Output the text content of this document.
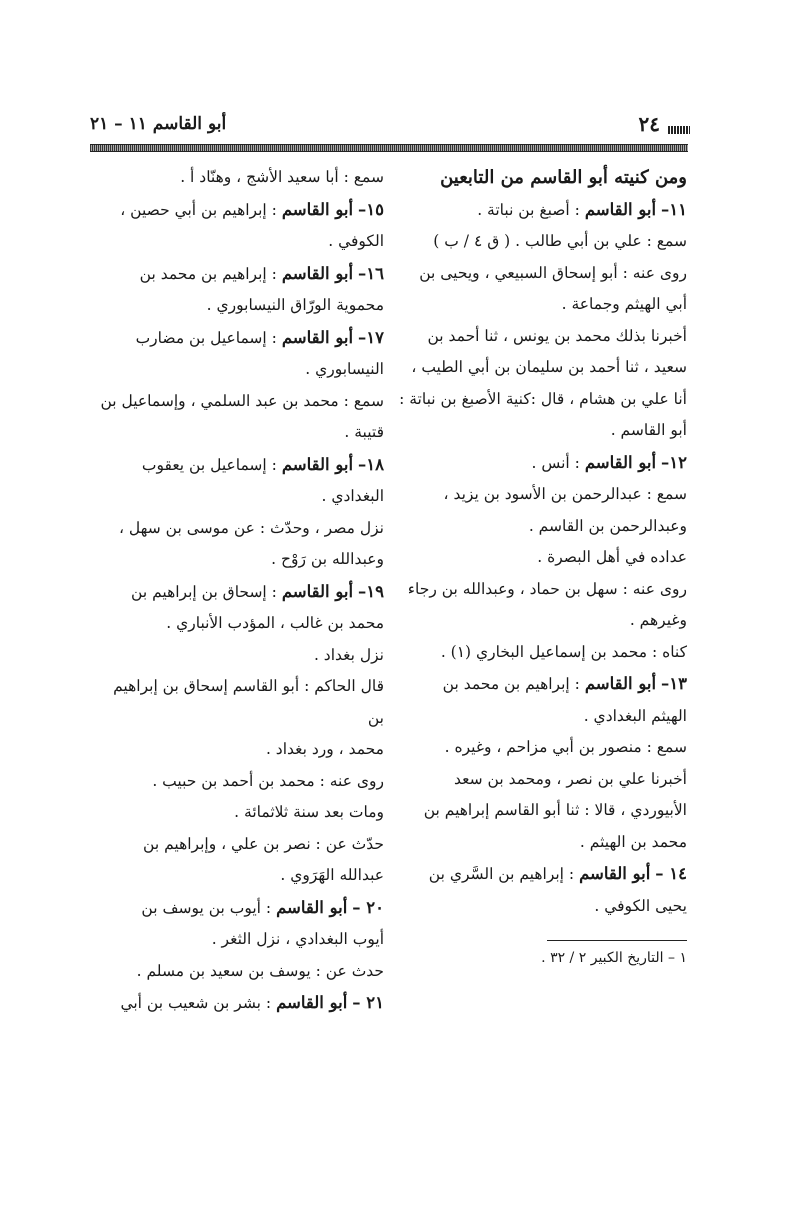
٢٤
أبو القاسم ١١ – ٢١

ومن كنيته أبو القاسم من التابعين

١١– أبو القاسم : أصبغ بن نباتة .

سمع : علي بن أبي طالب . ( ق ٤ / ب )

روى عنه : أبو إسحاق السبيعي ، ويحيى بن

أبي الهيثم وجماعة .

أخبرنا بذلك محمد بن يونس ، ثنا أحمد بن

سعيد ، ثنا أحمد بن سليمان بن أبي الطيب ،

أنا علي بن هشام ، قال :كنية الأصبغ بن نباتة :

أبو القاسم .

١٢– أبو القاسم : أنس .

سمع : عبدالرحمن بن الأسود بن يزيد ،

وعبدالرحمن بن القاسم .

عداده في أهل البصرة .

روى عنه : سهل بن حماد ، وعبدالله بن رجاء

وغيرهم .

كناه : محمد بن إسماعيل البخاري (١) .

١٣– أبو القاسم : إبراهيم بن محمد بن

الهيثم البغدادي .

سمع : منصور بن أبي مزاحم ، وغيره .

أخبرنا علي بن نصر ، ومحمد بن سعد

الأبيوردي ، قالا : ثنا أبو القاسم إبراهيم بن

محمد بن الهيثم .

١٤ – أبو القاسم : إبراهيم بن السَّري بن

يحيى الكوفي .

١ – التاريخ الكبير ٢ / ٣٢ .

سمع : أبا سعيد الأشج ، وهنّاد أ .

١٥– أبو القاسم : إبراهيم بن أبي حصين ،

الكوفي .

١٦– أبو القاسم : إبراهيم بن محمد بن

محموية الورّاق النيسابوري .

١٧– أبو القاسم : إسماعيل بن مضارب

النيسابوري .

سمع : محمد بن عبد السلمي ، وإسماعيل بن

قتيبة .

١٨– أبو القاسم : إسماعيل بن يعقوب

البغدادي .

نزل مصر ، وحدّث : عن موسى بن سهل ،

وعبدالله بن رَوْح .

١٩– أبو القاسم : إسحاق بن إبراهيم بن

محمد بن غالب ، المؤدب الأنباري .

نزل بغداد .

قال الحاكم : أبو القاسم إسحاق بن إبراهيم بن

محمد ، ورد بغداد .

روى عنه : محمد بن أحمد بن حبيب .

ومات بعد سنة ثلاثمائة .

حدّث عن : نصر بن علي ، وإبراهيم بن

عبدالله الهَرَوي .

٢٠ – أبو القاسم : أيوب بن يوسف بن

أيوب البغدادي ، نزل الثغر .

حدث عن : يوسف بن سعيد بن مسلم .

٢١ – أبو القاسم : بشر بن شعيب بن أبي
